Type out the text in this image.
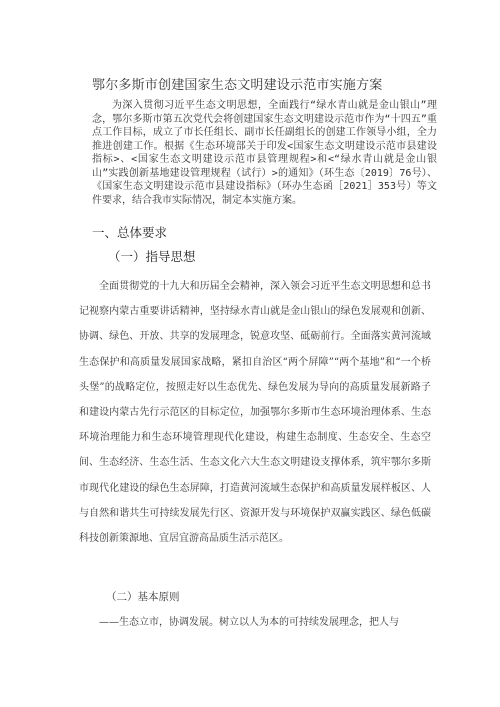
鄂尔多斯市创建国家生态文明建设示范市实施方案
为深入贯彻习近平生态文明思想，全面践行“绿水青山就是金山银山”理念，鄂尔多斯市第五次党代会将创建国家生态文明建设示范市作为“十四五”重点工作目标，成立了市长任组长、副市长任副组长的创建工作领导小组，全力推进创建工作。根据《生态环境部关于印发<国家生态文明建设示范市县建设指标>、<国家生态文明建设示范市县管理规程>和<“绿水青山就是金山银山”实践创新基地建设管理规程（试行）>的通知》（环生态〔2019〕76号）、《国家生态文明建设示范市县建设指标》（环办生态函［2021］353号）等文件要求，结合我市实际情况，制定本实施方案。
一、总体要求
（一）指导思想
全面贯彻党的十九大和历届全会精神，深入领会习近平生态文明思想和总书记视察内蒙古重要讲话精神，坚持绿水青山就是金山银山的绿色发展观和创新、协调、绿色、开放、共享的发展理念，锐意攻坚、砥砺前行。全面落实黄河流域生态保护和高质量发展国家战略，紧扣自治区“两个屏障”“两个基地”和“一个桥头堡”的战略定位，按照走好以生态优先、绿色发展为导向的高质量发展新路子和建设内蒙古先行示范区的目标定位，加强鄂尔多斯市生态环境治理体系、生态环境治理能力和生态环境管理现代化建设，构建生态制度、生态安全、生态空间、生态经济、生态生活、生态文化六大生态文明建设支撑体系，筑牢鄂尔多斯市现代化建设的绿色生态屏障，打造黄河流域生态保护和高质量发展样板区、人与自然和谐共生可持续发展先行区、资源开发与环境保护双赢实践区、绿色低碳科技创新策源地、宜居宜游高品质生活示范区。
（二）基本原则
——生态立市，协调发展。树立以人为本的可持续发展理念，把人与
